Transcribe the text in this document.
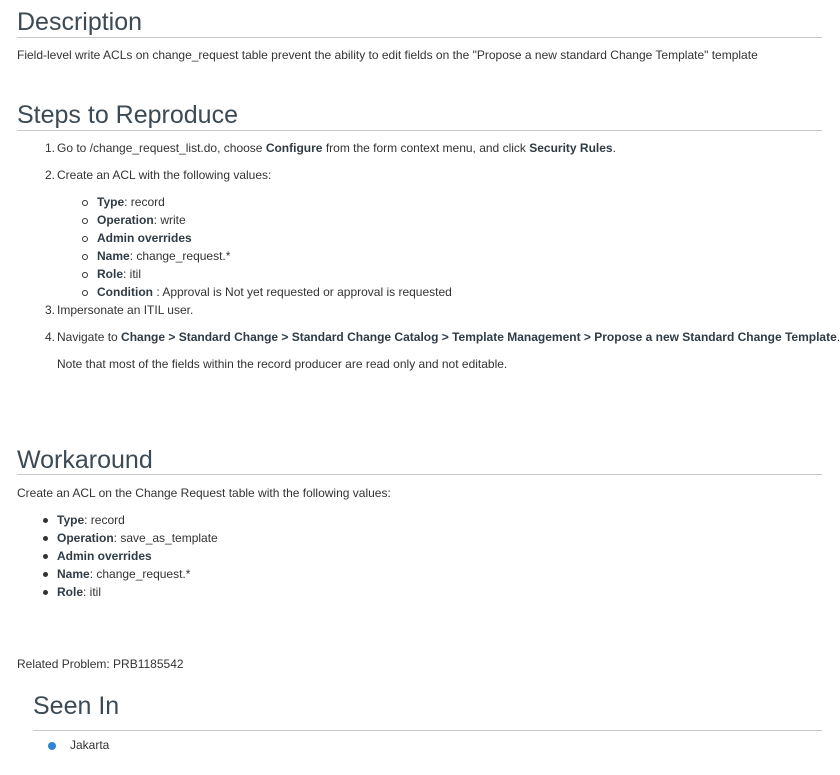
Description
Field-level write ACLs on change_request table prevent the ability to edit fields on the "Propose a new standard Change Template" template
Steps to Reproduce
1. Go to /change_request_list.do, choose Configure from the form context menu, and click Security Rules.
2. Create an ACL with the following values:
Type: record
Operation: write
Admin overrides
Name: change_request.*
Role: itil
Condition : Approval is Not yet requested or approval is requested
3. Impersonate an ITIL user.
4. Navigate to Change > Standard Change > Standard Change Catalog > Template Management > Propose a new Standard Change Template.
Note that most of the fields within the record producer are read only and not editable.
Workaround
Create an ACL on the Change Request table with the following values:
Type: record
Operation: save_as_template
Admin overrides
Name: change_request.*
Role: itil
Related Problem: PRB1185542
Seen In
Jakarta
